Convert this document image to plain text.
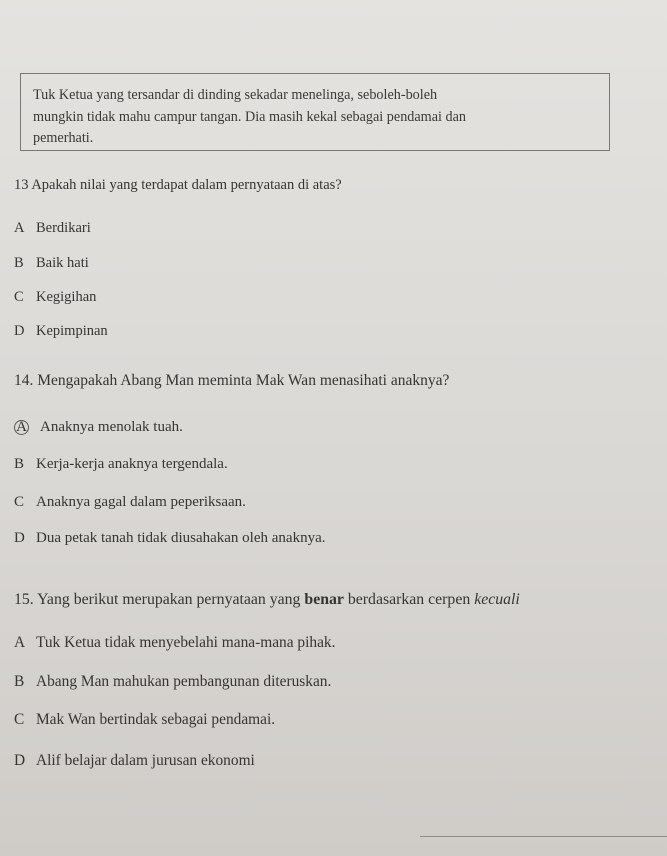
Tuk Ketua yang tersandar di dinding sekadar menelinga, seboleh-boleh

mungkin tidak mahu campur tangan. Dia masih kekal sebagai pendamai dan

pemerhati.

13 Apakah nilai yang terdapat dalam pernyataan di atas?

A Berdikari

B Baik hati

C Kegigihan

D Kepimpinan

14. Mengapakah Abang Man meminta Mak Wan menasihati anaknya?

A Anaknya menolak tuah.

B Kerja-kerja anaknya tergendala.

C Anaknya gagal dalam peperiksaan.

D Dua petak tanah tidak diusahakan oleh anaknya.

15. Yang berikut merupakan pernyataan yang benar berdasarkan cerpen kecuali

A Tuk Ketua tidak menyebelahi mana-mana pihak.

B Abang Man mahukan pembangunan diteruskan.

C Mak Wan bertindak sebagai pendamai.

D Alif belajar dalam jurusan ekonomi
